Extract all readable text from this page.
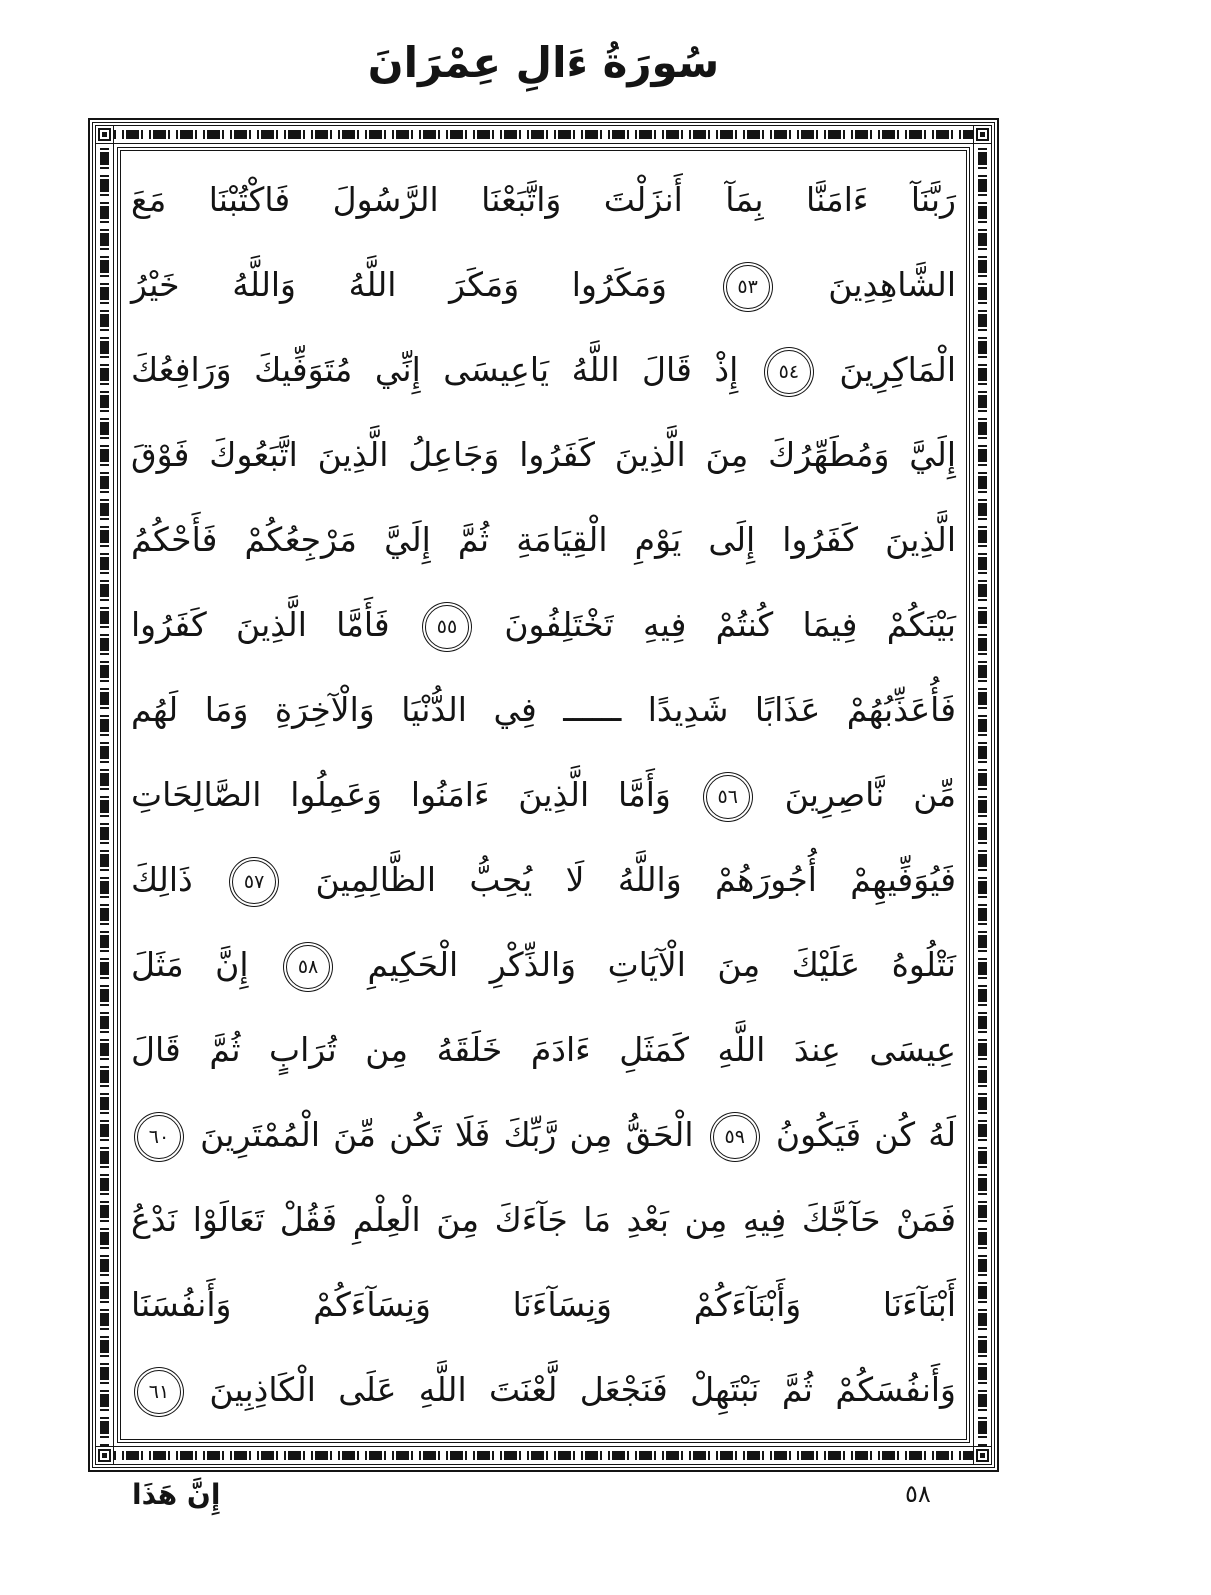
سُورَةُ ءَالِ عِمْرَانَ
رَبَّنَآ ءَامَنَّا بِمَآ أَنزَلْتَ وَاتَّبَعْنَا الرَّسُولَ فَاكْتُبْنَا مَعَ
الشَّاهِدِينَ ٥٣ وَمَكَرُوا وَمَكَرَ اللَّهُ وَاللَّهُ خَيْرُ
الْمَاكِرِينَ ٥٤ إِذْ قَالَ اللَّهُ يَاعِيسَى إِنِّي مُتَوَفِّيكَ وَرَافِعُكَ
إِلَيَّ وَمُطَهِّرُكَ مِنَ الَّذِينَ كَفَرُوا وَجَاعِلُ الَّذِينَ اتَّبَعُوكَ فَوْقَ
الَّذِينَ كَفَرُوا إِلَى يَوْمِ الْقِيَامَةِ ثُمَّ إِلَيَّ مَرْجِعُكُمْ فَأَحْكُمُ
بَيْنَكُمْ فِيمَا كُنتُمْ فِيهِ تَخْتَلِفُونَ ٥٥ فَأَمَّا الَّذِينَ كَفَرُوا
فَأُعَذِّبُهُمْ عَذَابًا شَدِيدًا ــــــ فِي الدُّنْيَا وَالْآخِرَةِ وَمَا لَهُم
مِّن نَّاصِرِينَ ٥٦ وَأَمَّا الَّذِينَ ءَامَنُوا وَعَمِلُوا الصَّالِحَاتِ
فَيُوَفِّيهِمْ أُجُورَهُمْ وَاللَّهُ لَا يُحِبُّ الظَّالِمِينَ ٥٧ ذَالِكَ
نَتْلُوهُ عَلَيْكَ مِنَ الْآيَاتِ وَالذِّكْرِ الْحَكِيمِ ٥٨ إِنَّ مَثَلَ
عِيسَى عِندَ اللَّهِ كَمَثَلِ ءَادَمَ خَلَقَهُ مِن تُرَابٍ ثُمَّ قَالَ
لَهُ كُن فَيَكُونُ ٥٩ الْحَقُّ مِن رَّبِّكَ فَلَا تَكُن مِّنَ الْمُمْتَرِينَ ٦٠
فَمَنْ حَآجَّكَ فِيهِ مِن بَعْدِ مَا جَآءَكَ مِنَ الْعِلْمِ فَقُلْ تَعَالَوْا نَدْعُ
أَبْنَآءَنَا وَأَبْنَآءَكُمْ وَنِسَآءَنَا وَنِسَآءَكُمْ وَأَنفُسَنَا
وَأَنفُسَكُمْ ثُمَّ نَبْتَهِلْ فَنَجْعَل لَّعْنَتَ اللَّهِ عَلَى الْكَاذِبِينَ ٦١
إِنَّ هَذَا	٥٨
